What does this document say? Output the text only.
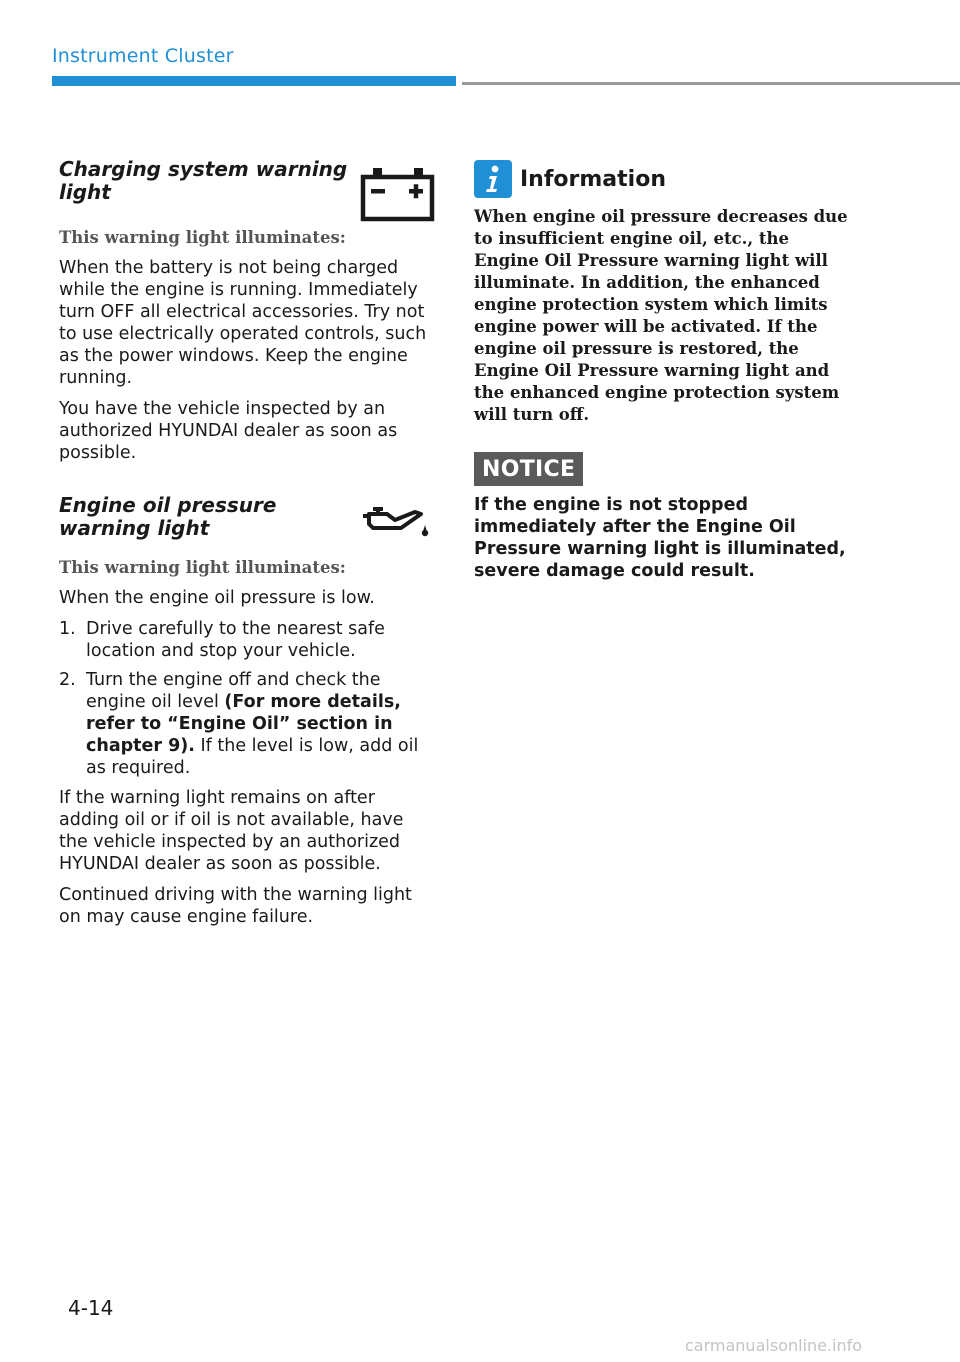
Instrument Cluster
Charging system warning light

This warning light illuminates:

When the battery is not being charged while the engine is running. Immediately turn OFF all electrical accessories. Try not to use electrically operated controls, such as the power windows. Keep the engine running.

You have the vehicle inspected by an authorized HYUNDAI dealer as soon as possible.

Engine oil pressure warning light

This warning light illuminates:

When the engine oil pressure is low.

1. Drive carefully to the nearest safe location and stop your vehicle.
2. Turn the engine off and check the engine oil level (For more details, refer to “Engine Oil” section in chapter 9). If the level is low, add oil as required.

If the warning light remains on after adding oil or if oil is not available, have the vehicle inspected by an authorized HYUNDAI dealer as soon as possible.

Continued driving with the warning light on may cause engine failure.

Information

When engine oil pressure decreases due to insufficient engine oil, etc., the Engine Oil Pressure warning light will illuminate. In addition, the enhanced engine protection system which limits engine power will be activated. If the engine oil pressure is restored, the Engine Oil Pressure warning light and the enhanced engine protection system will turn off.

NOTICE

If the engine is not stopped immediately after the Engine Oil Pressure warning light is illuminated, severe damage could result.

4-14
carmanualsonline.info
